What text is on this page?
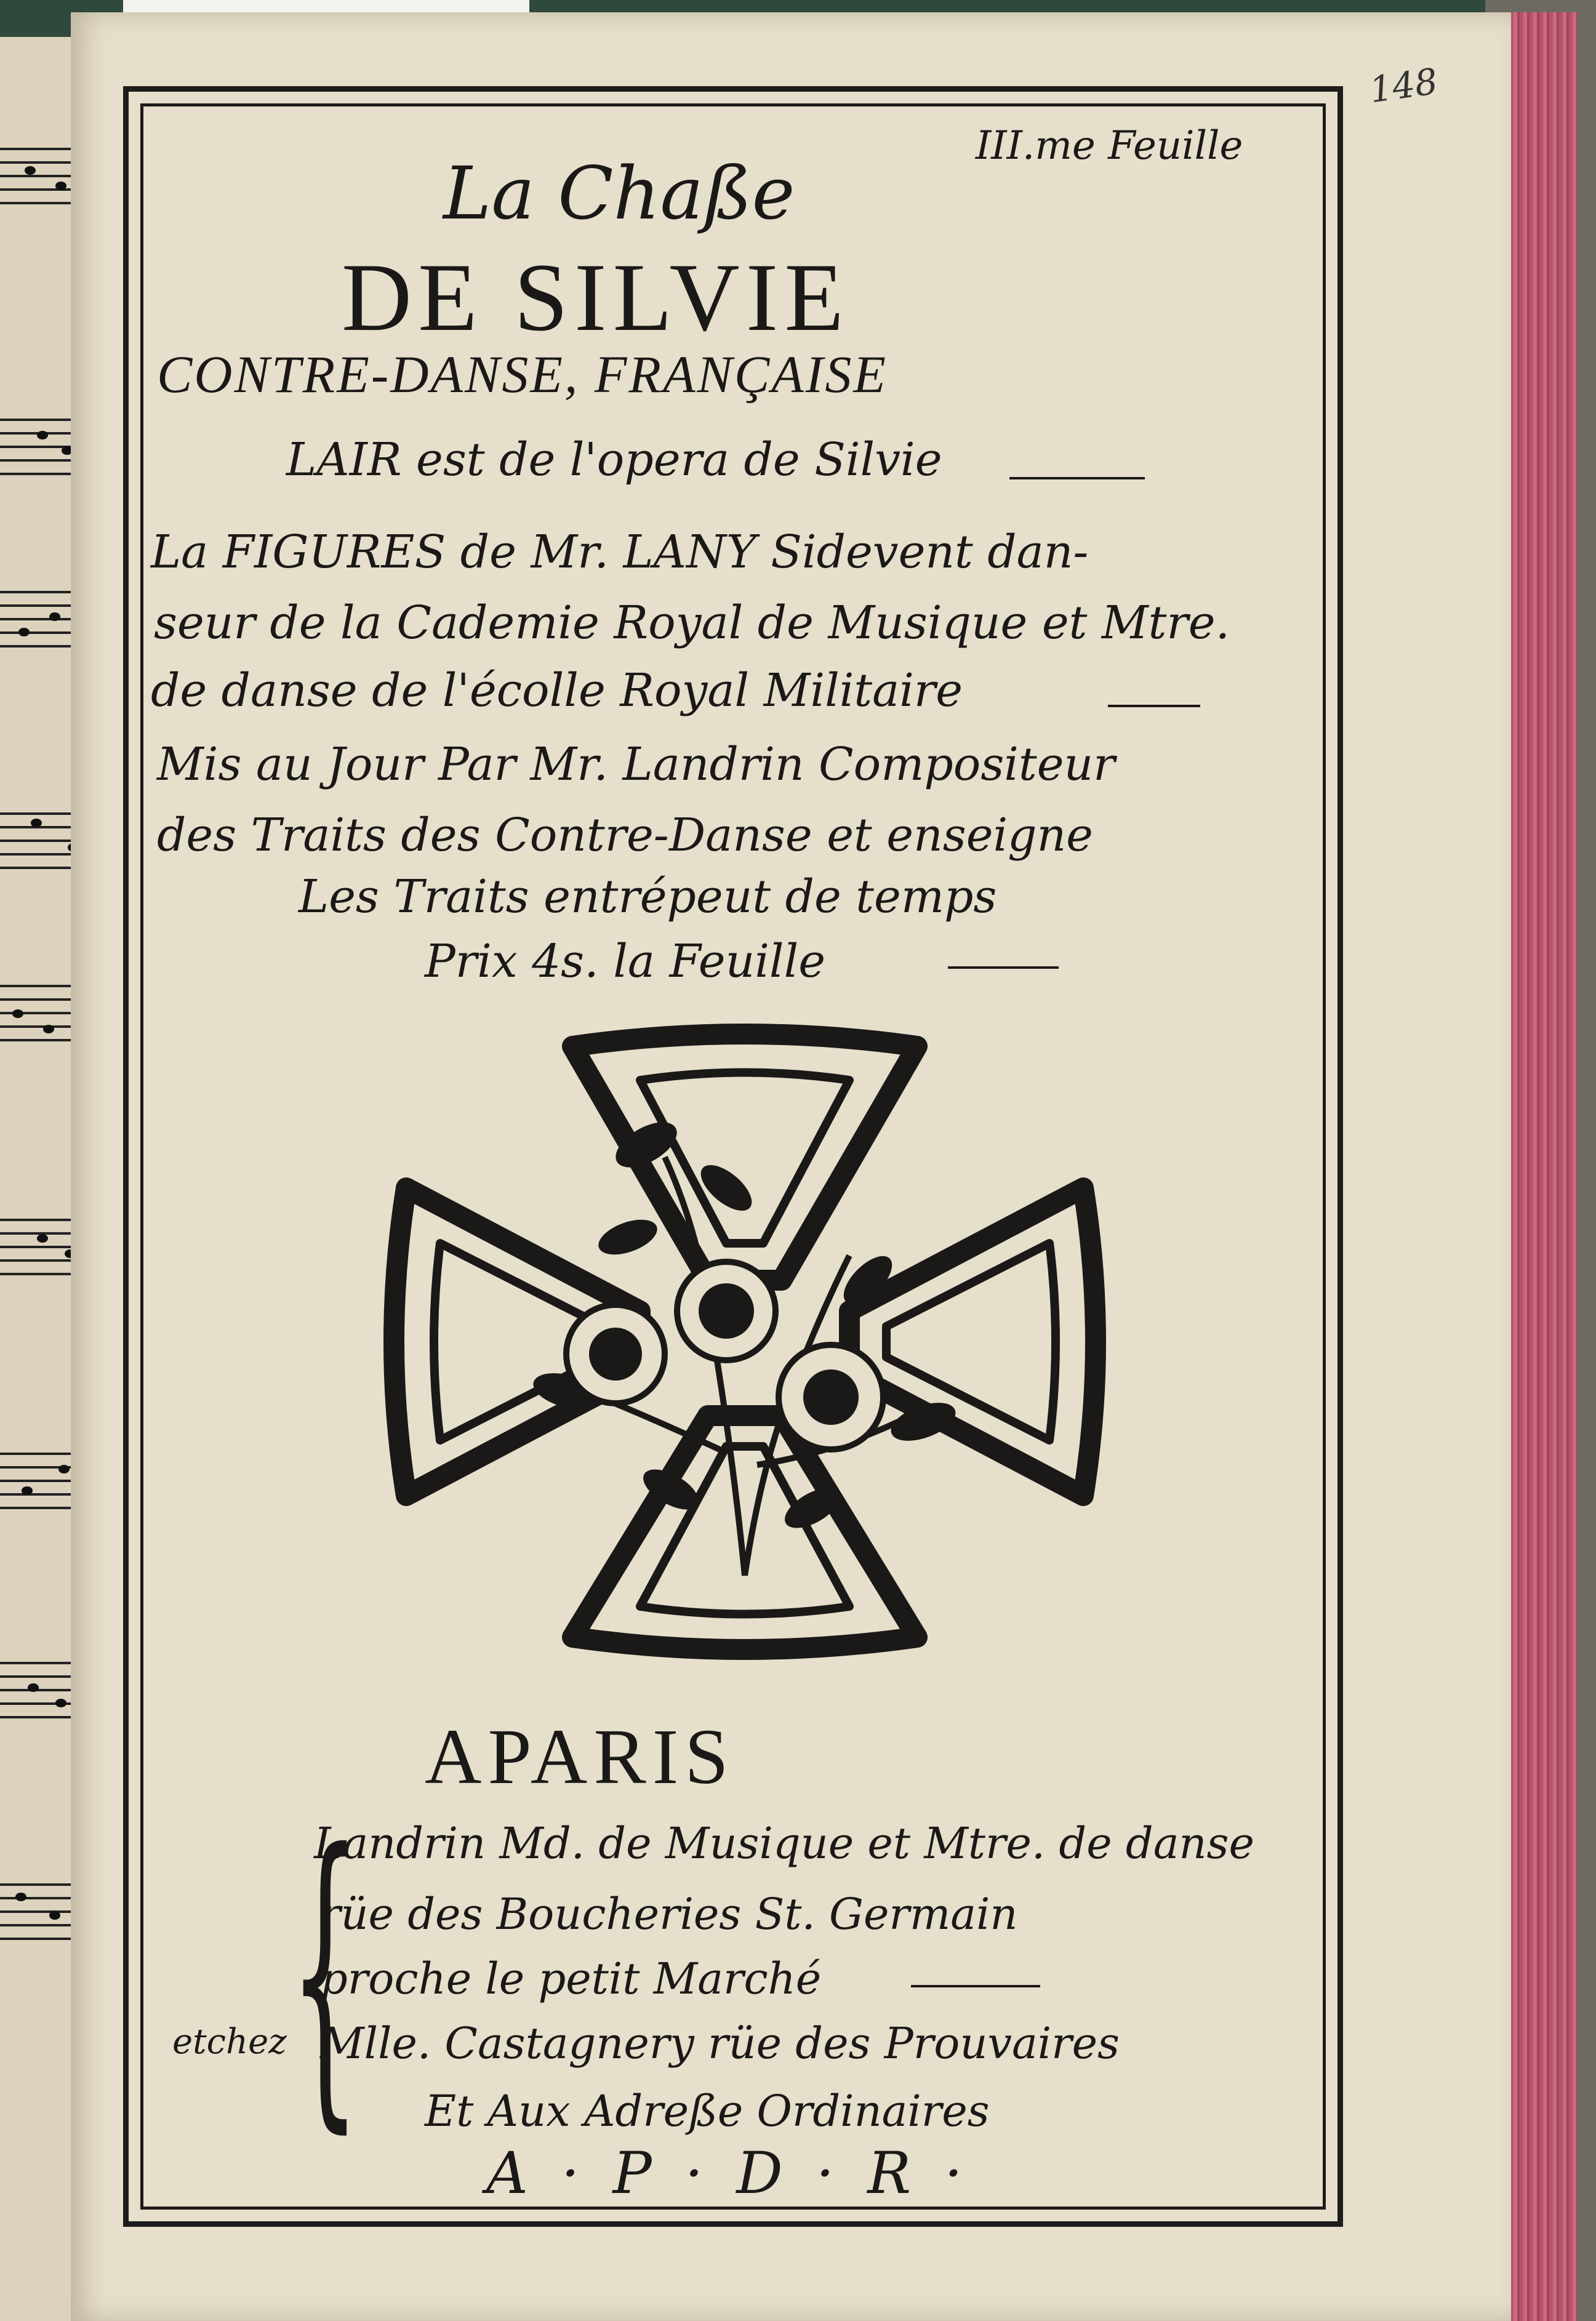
148

La Chaße

III.me Feuille

DE SILVIE

CONTRE-DANSE, FRANÇAISE

LAIR est de l'opera de Silvie

La FIGURES de Mr. LANY Sidevent dan-

seur de la Cademie Royal de Musique et Mtre.

de danse de l'écolle Royal Militaire

Mis au Jour Par Mr. Landrin Compositeur

des Traits des Contre-Danse et enseigne

Les Traits entrépeut de temps

Prix 4s. la Feuille

APARIS

{

Landrin Md. de Musique et Mtre. de danse

rüe des Boucheries St. Germain

proche le petit Marché

etchez Mlle. Castagnery rüe des Prouvaires

Et Aux Adreße Ordinaires

A · P · D · R ·
